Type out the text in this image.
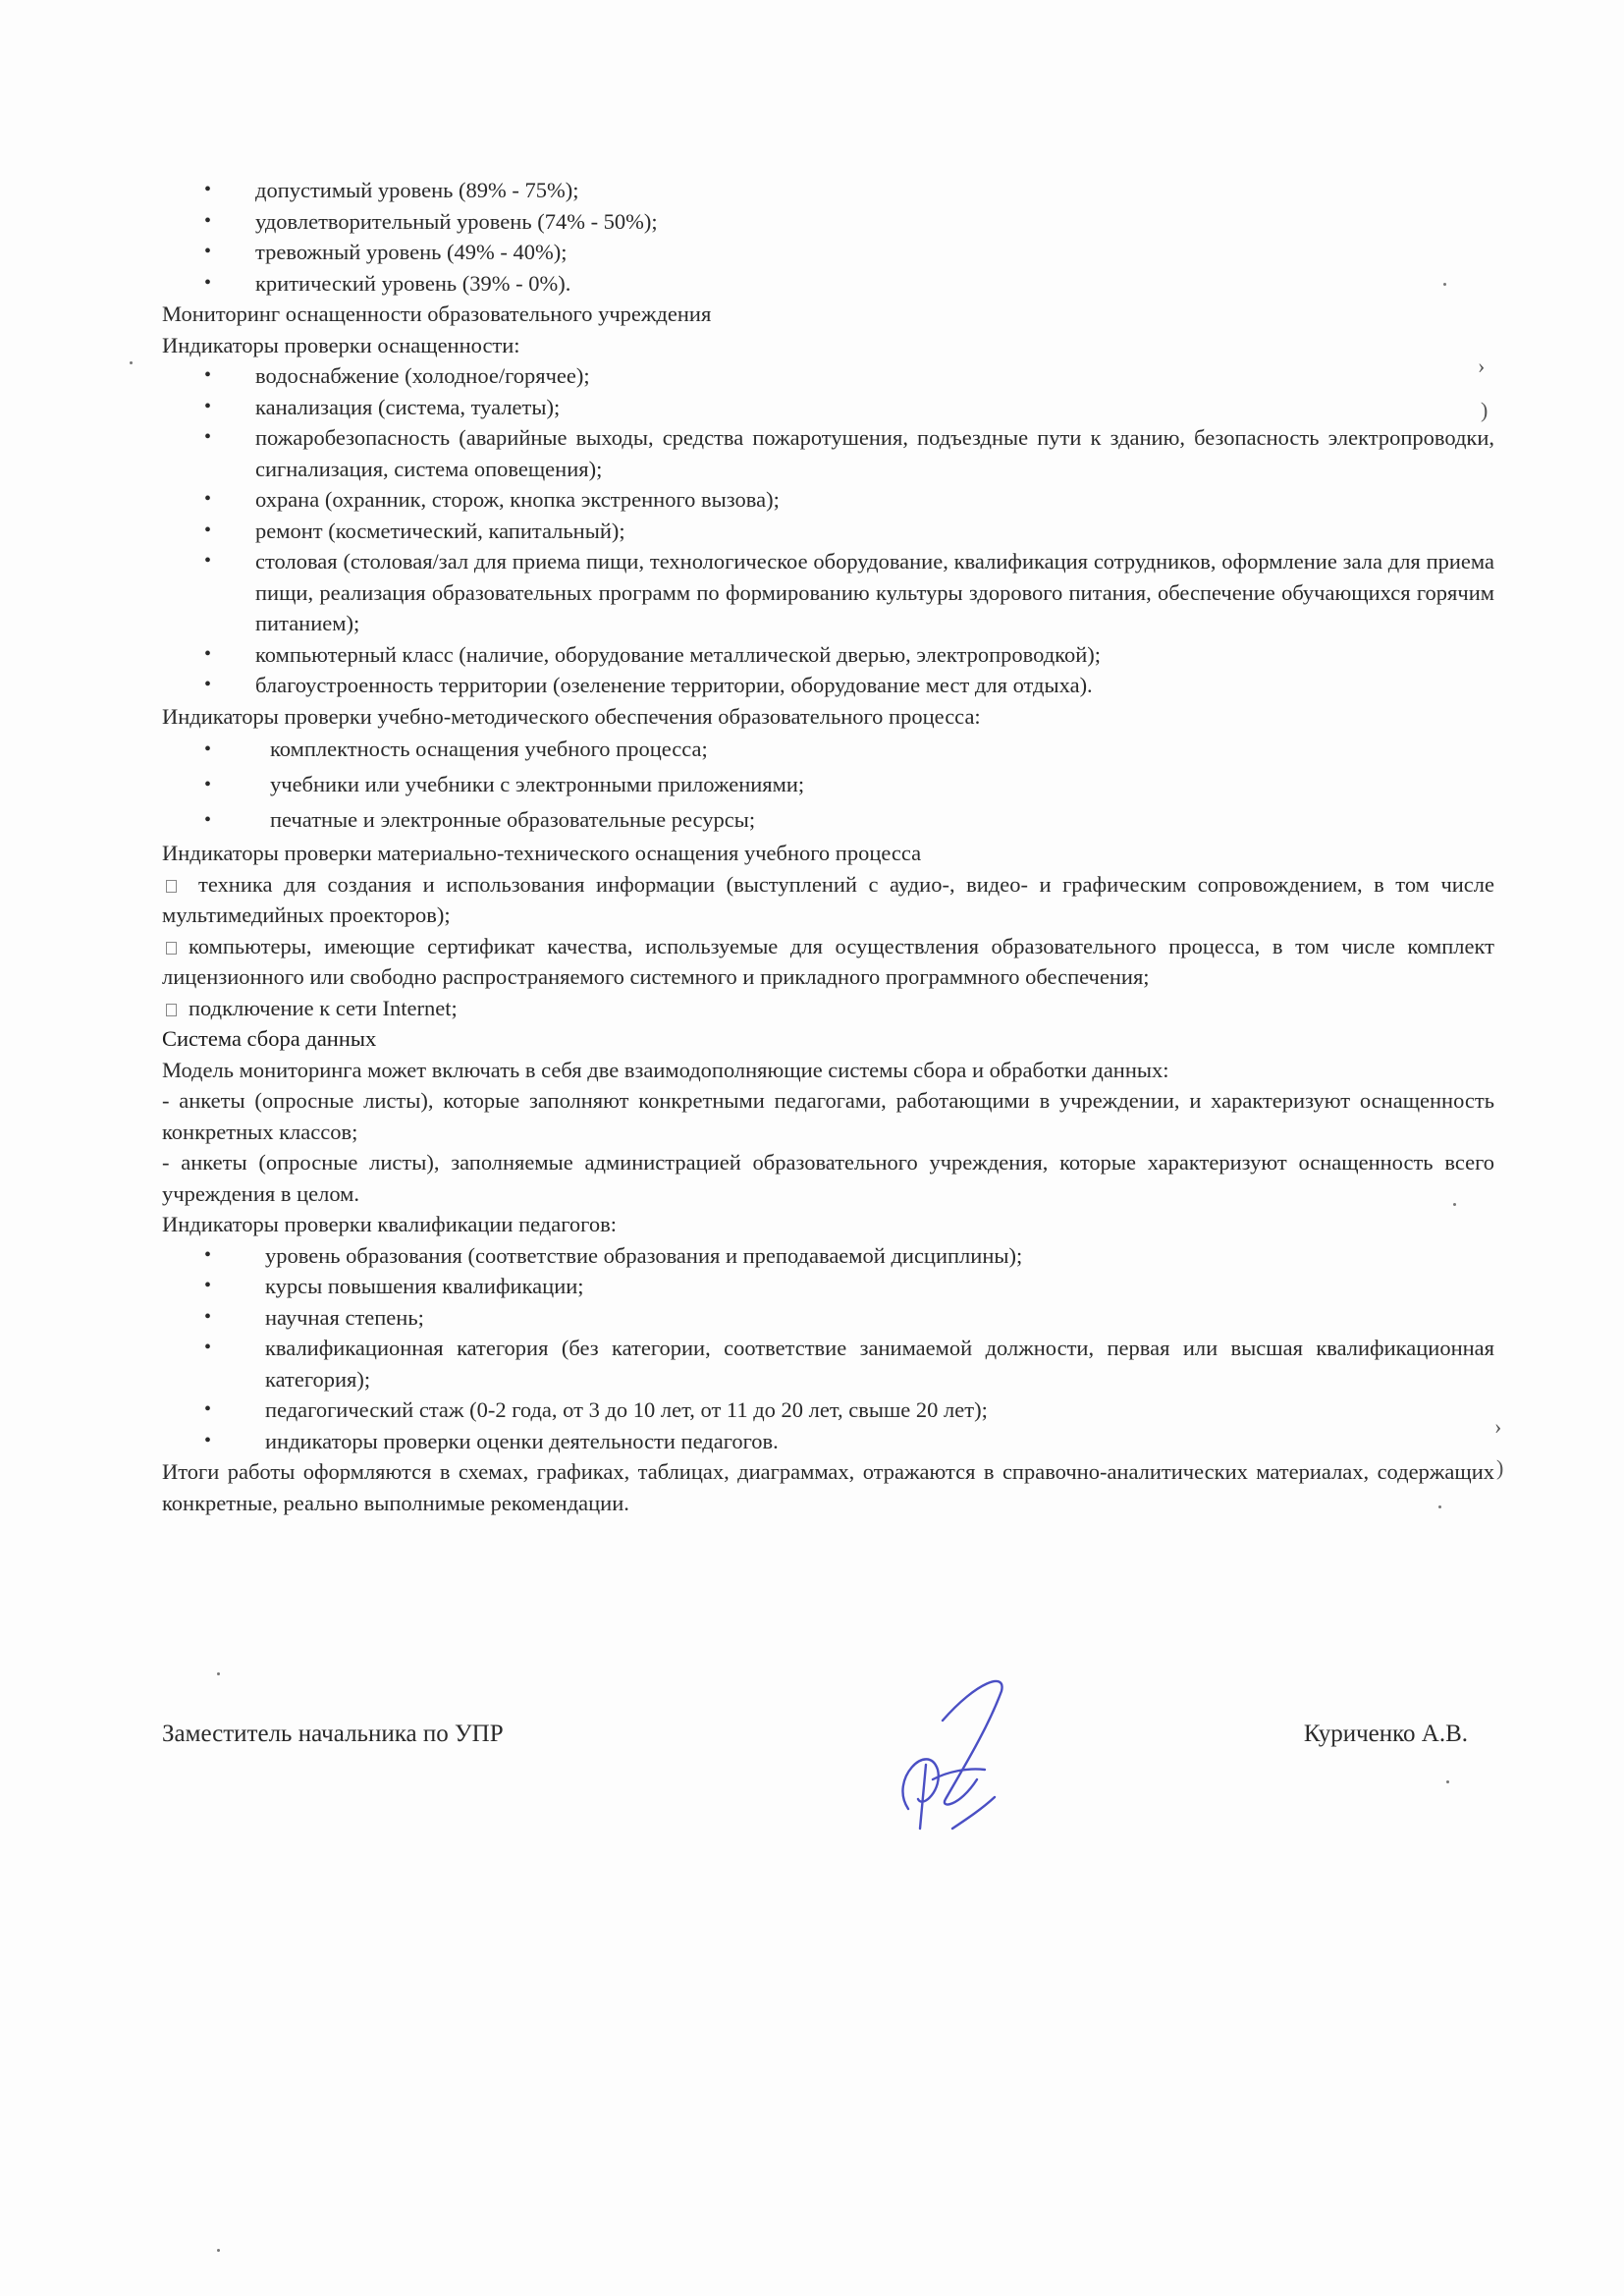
• допустимый уровень (89% - 75%);
• удовлетворительный уровень (74% - 50%);
• тревожный уровень (49% - 40%);
• критический уровень (39% - 0%).

Мониторинг оснащенности образовательного учреждения

Индикаторы проверки оснащенности:

• водоснабжение (холодное/горячее);
• канализация (система, туалеты);
• пожаробезопасность (аварийные выходы, средства пожаротушения, подъездные пути к зданию, безопасность электропроводки, сигнализация, система оповещения);
• охрана (охранник, сторож, кнопка экстренного вызова);
• ремонт (косметический, капитальный);
• столовая (столовая/зал для приема пищи, технологическое оборудование, квалификация сотрудников, оформление зала для приема пищи, реализация образовательных программ по формированию культуры здорового питания, обеспечение обучающихся горячим питанием);
• компьютерный класс (наличие, оборудование металлической дверью, электропроводкой);
• благоустроенность территории (озеленение территории, оборудование мест для отдыха).

Индикаторы проверки учебно-методического обеспечения образовательного процесса:

• комплектность оснащения учебного процесса;
• учебники или учебники с электронными приложениями;
• печатные и электронные образовательные ресурсы;

Индикаторы проверки материально-технического оснащения учебного процесса

техника для создания и использования информации (выступлений с аудио-, видео- и графическим сопровождением, в том числе мультимедийных проекторов);
компьютеры, имеющие сертификат качества, используемые для осуществления образовательного процесса, в том числе комплект лицензионного или свободно распространяемого системного и прикладного программного обеспечения;
подключение к сети Internet;

Система сбора данных

Модель мониторинга может включать в себя две взаимодополняющие системы сбора и обработки данных:

- анкеты (опросные листы), которые заполняют конкретными педагогами, работающими в учреждении, и характеризуют оснащенность конкретных классов;

- анкеты (опросные листы), заполняемые администрацией образовательного учреждения, которые характеризуют оснащенность всего учреждения в целом.

Индикаторы проверки квалификации педагогов:

• уровень образования (соответствие образования и преподаваемой дисциплины);
• курсы повышения квалификации;
• научная степень;
• квалификационная категория (без категории, соответствие занимаемой должности, первая или высшая квалификационная категория);
• педагогический стаж (0-2 года, от 3 до 10 лет, от 11 до 20 лет, свыше 20 лет);
• индикаторы проверки оценки деятельности педагогов.

Итоги работы оформляются в схемах, графиках, таблицах, диаграммах, отражаются в справочно-аналитических материалах, содержащих конкретные, реально выполнимые рекомендации.

Заместитель начальника по УПР	Куриченко А.В.
›
)
›
)
